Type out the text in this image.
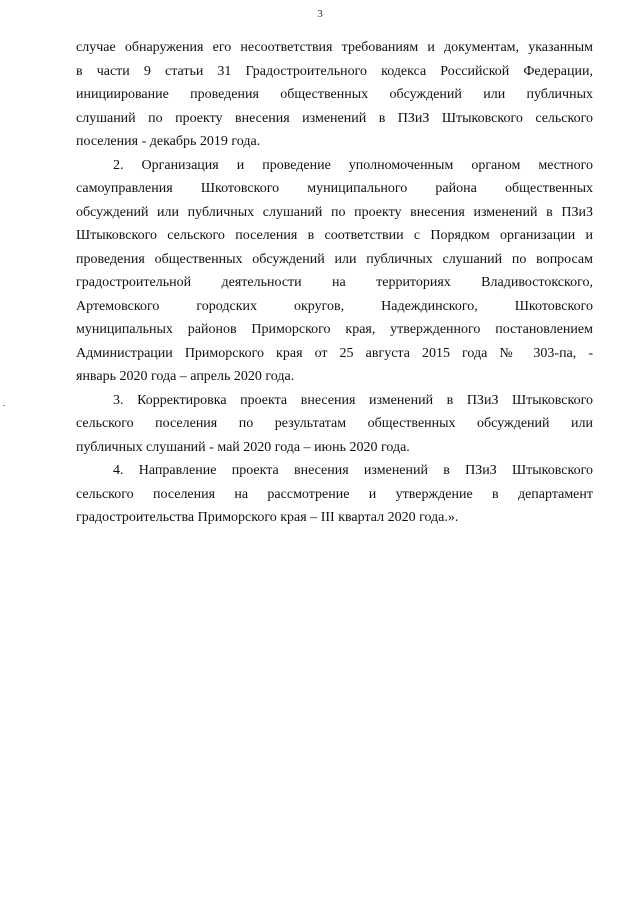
3

случае обнаружения его несоответствия требованиям и документам, указанным
в части 9 статьи 31 Градостроительного кодекса Российской Федерации,
инициирование проведения общественных обсуждений или публичных
слушаний по проекту внесения изменений в ПЗиЗ Штыковского сельского
поселения - декабрь 2019 года.

2. Организация и проведение уполномоченным органом местного
самоуправления Шкотовского муниципального района общественных
обсуждений или публичных слушаний по проекту внесения изменений в ПЗиЗ
Штыковского сельского поселения в соответствии с Порядком организации и
проведения общественных обсуждений или публичных слушаний по вопросам
градостроительной деятельности на территориях Владивостокского,
Артемовского городских округов, Надеждинского, Шкотовского
муниципальных районов Приморского края, утвержденного постановлением
Администрации Приморского края от 25 августа 2015 года № 303-па, -
январь 2020 года – апрель 2020 года.

3. Корректировка проекта внесения изменений в ПЗиЗ Штыковского
сельского поселения по результатам общественных обсуждений или
публичных слушаний - май 2020 года – июнь 2020 года.

4. Направление проекта внесения изменений в ПЗиЗ Штыковского
сельского поселения на рассмотрение и утверждение в департамент
градостроительства Приморского края – III квартал 2020 года.».
